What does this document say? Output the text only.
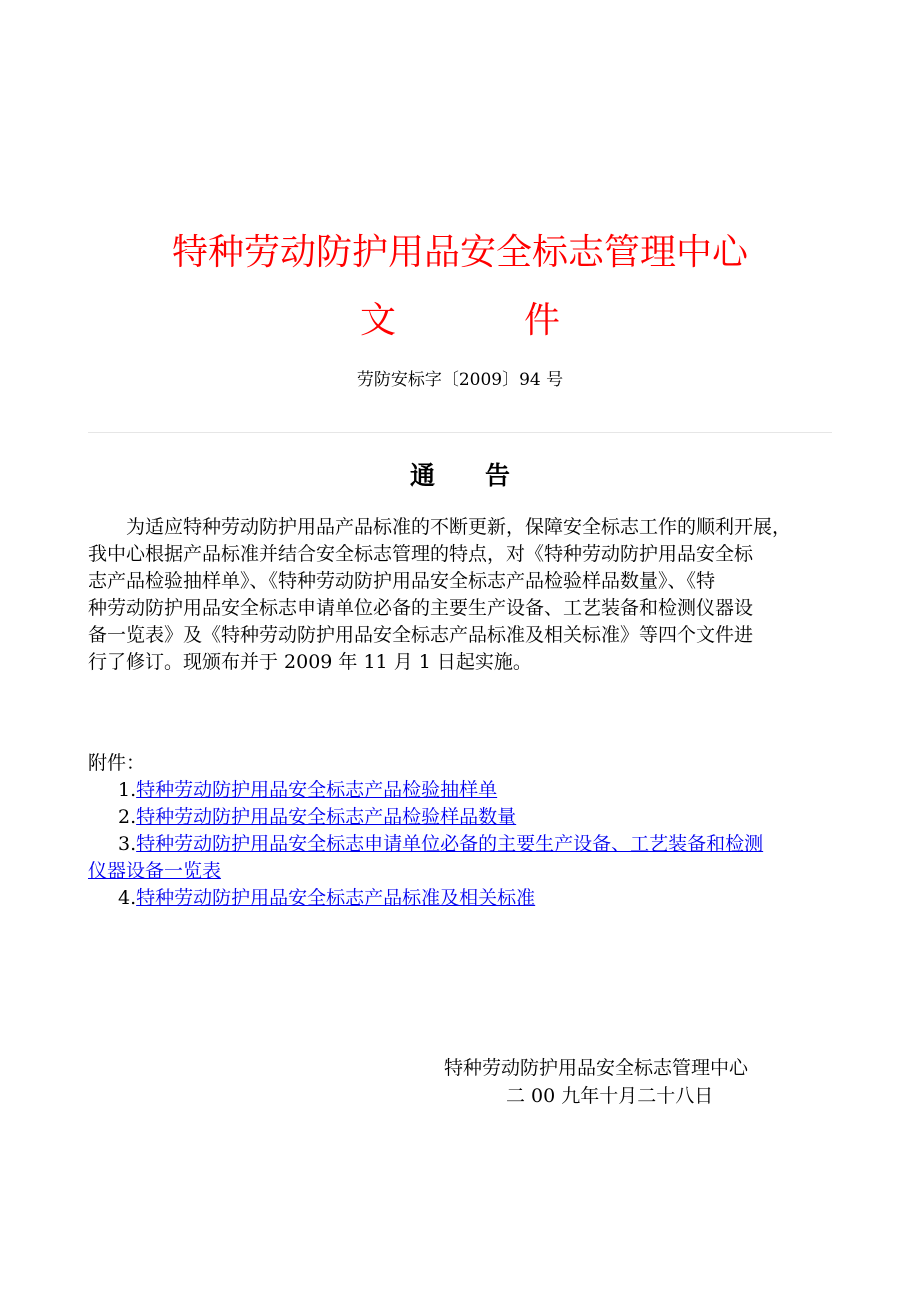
特种劳动防护用品安全标志管理中心
文	件
劳防安标字〔2009〕94 号
通 告
　　为适应特种劳动防护用品产品标准的不断更新，保障安全标志工作的顺利开展，
我中心根据产品标准并结合安全标志管理的特点，对《特种劳动防护用品安全标
志产品检验抽样单》、《特种劳动防护用品安全标志产品检验样品数量》、《特
种劳动防护用品安全标志申请单位必备的主要生产设备、工艺装备和检测仪器设
备一览表》及《特种劳动防护用品安全标志产品标准及相关标准》等四个文件进
行了修订。现颁布并于 2009 年 11 月 1 日起实施。
附件：
1.特种劳动防护用品安全标志产品检验抽样单
2.特种劳动防护用品安全标志产品检验样品数量
3.特种劳动防护用品安全标志申请单位必备的主要生产设备、工艺装备和检测
仪器设备一览表
4.特种劳动防护用品安全标志产品标准及相关标准
特种劳动防护用品安全标志管理中心
二 00 九年十月二十八日
